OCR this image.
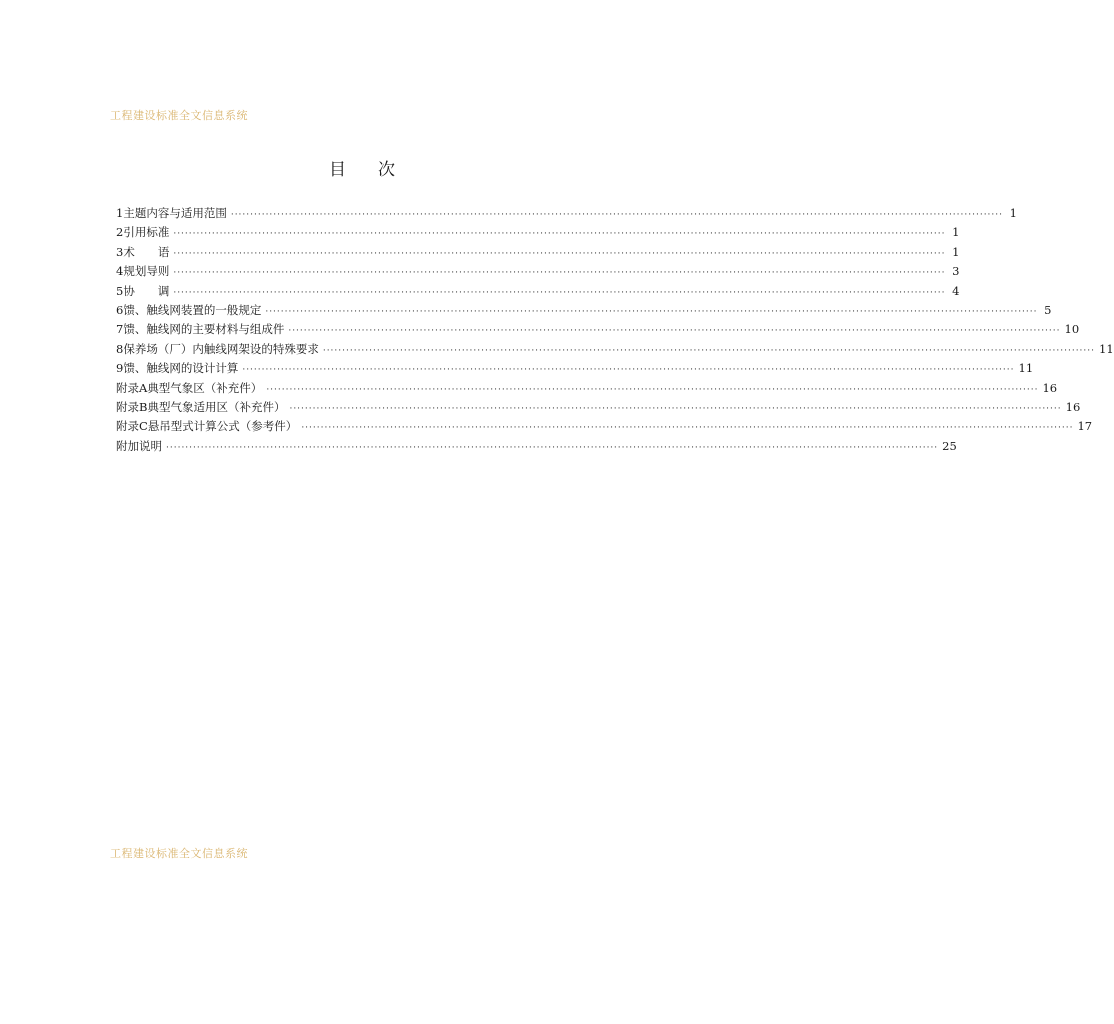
工程建设标准全文信息系统
目 次
1 主题内容与适用范围 ········································································································································································································ 1
2 引用标准 ········································································································································································································ 1
3 术　　语 ········································································································································································································ 1
4 规划导则 ········································································································································································································ 3
5 协　　调 ········································································································································································································ 4
6 馈、触线网装置的一般规定 ········································································································································································································ 5
7 馈、触线网的主要材料与组成件 ········································································································································································································ 10
8 保养场（厂）内触线网架设的特殊要求 ········································································································································································································ 11
9 馈、触线网的设计计算 ········································································································································································································ 11
附录A 典型气象区（补充件） ········································································································································································································ 16
附录B 典型气象适用区（补充件） ········································································································································································································ 16
附录C 悬吊型式计算公式（参考件） ········································································································································································································ 17
附加说明 ········································································································································································································ 25
工程建设标准全文信息系统
